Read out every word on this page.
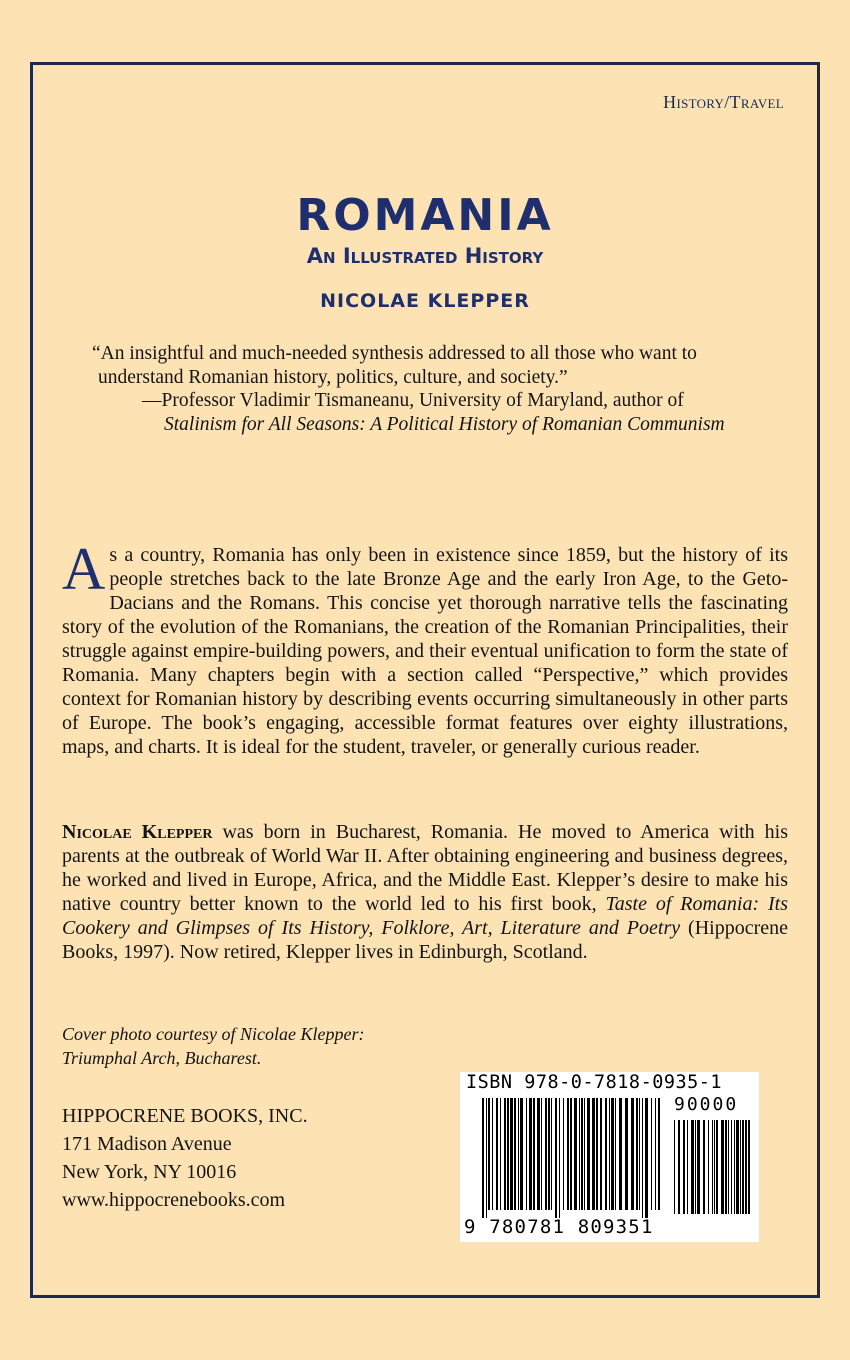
History/Travel
ROMANIA
An Illustrated History
NICOLAE KLEPPER
“An insightful and much-needed synthesis addressed to all those who want to
understand Romanian history, politics, culture, and society.”
—Professor Vladimir Tismaneanu, University of Maryland, author of
Stalinism for All Seasons: A Political History of Romanian Communism
As a country, Romania has only been in existence since 1859, but the history of its people stretches back to the late Bronze Age and the early Iron Age, to the Geto-Dacians and the Romans. This concise yet thorough narrative tells the fascinating story of the evolution of the Romanians, the creation of the Romanian Principalities, their struggle against empire-building powers, and their eventual unification to form the state of Romania. Many chapters begin with a section called “Perspective,” which provides context for Romanian history by describing events occurring simultaneously in other parts of Europe. The book’s engaging, accessible format features over eighty illustrations, maps, and charts. It is ideal for the student, traveler, or generally curious reader.
Nicolae Klepper was born in Bucharest, Romania. He moved to America with his parents at the outbreak of World War II. After obtaining engineering and business degrees, he worked and lived in Europe, Africa, and the Middle East. Klepper’s desire to make his native country better known to the world led to his first book, Taste of Romania: Its Cookery and Glimpses of Its History, Folklore, Art, Literature and Poetry (Hippocrene Books, 1997). Now retired, Klepper lives in Edinburgh, Scotland.
Cover photo courtesy of Nicolae Klepper:
Triumphal Arch, Bucharest.
HIPPOCRENE BOOKS, INC.
171 Madison Avenue
New York, NY 10016
www.hippocrenebooks.com
ISBN 978-0-7818-0935-1
90000
9 780781 809351
